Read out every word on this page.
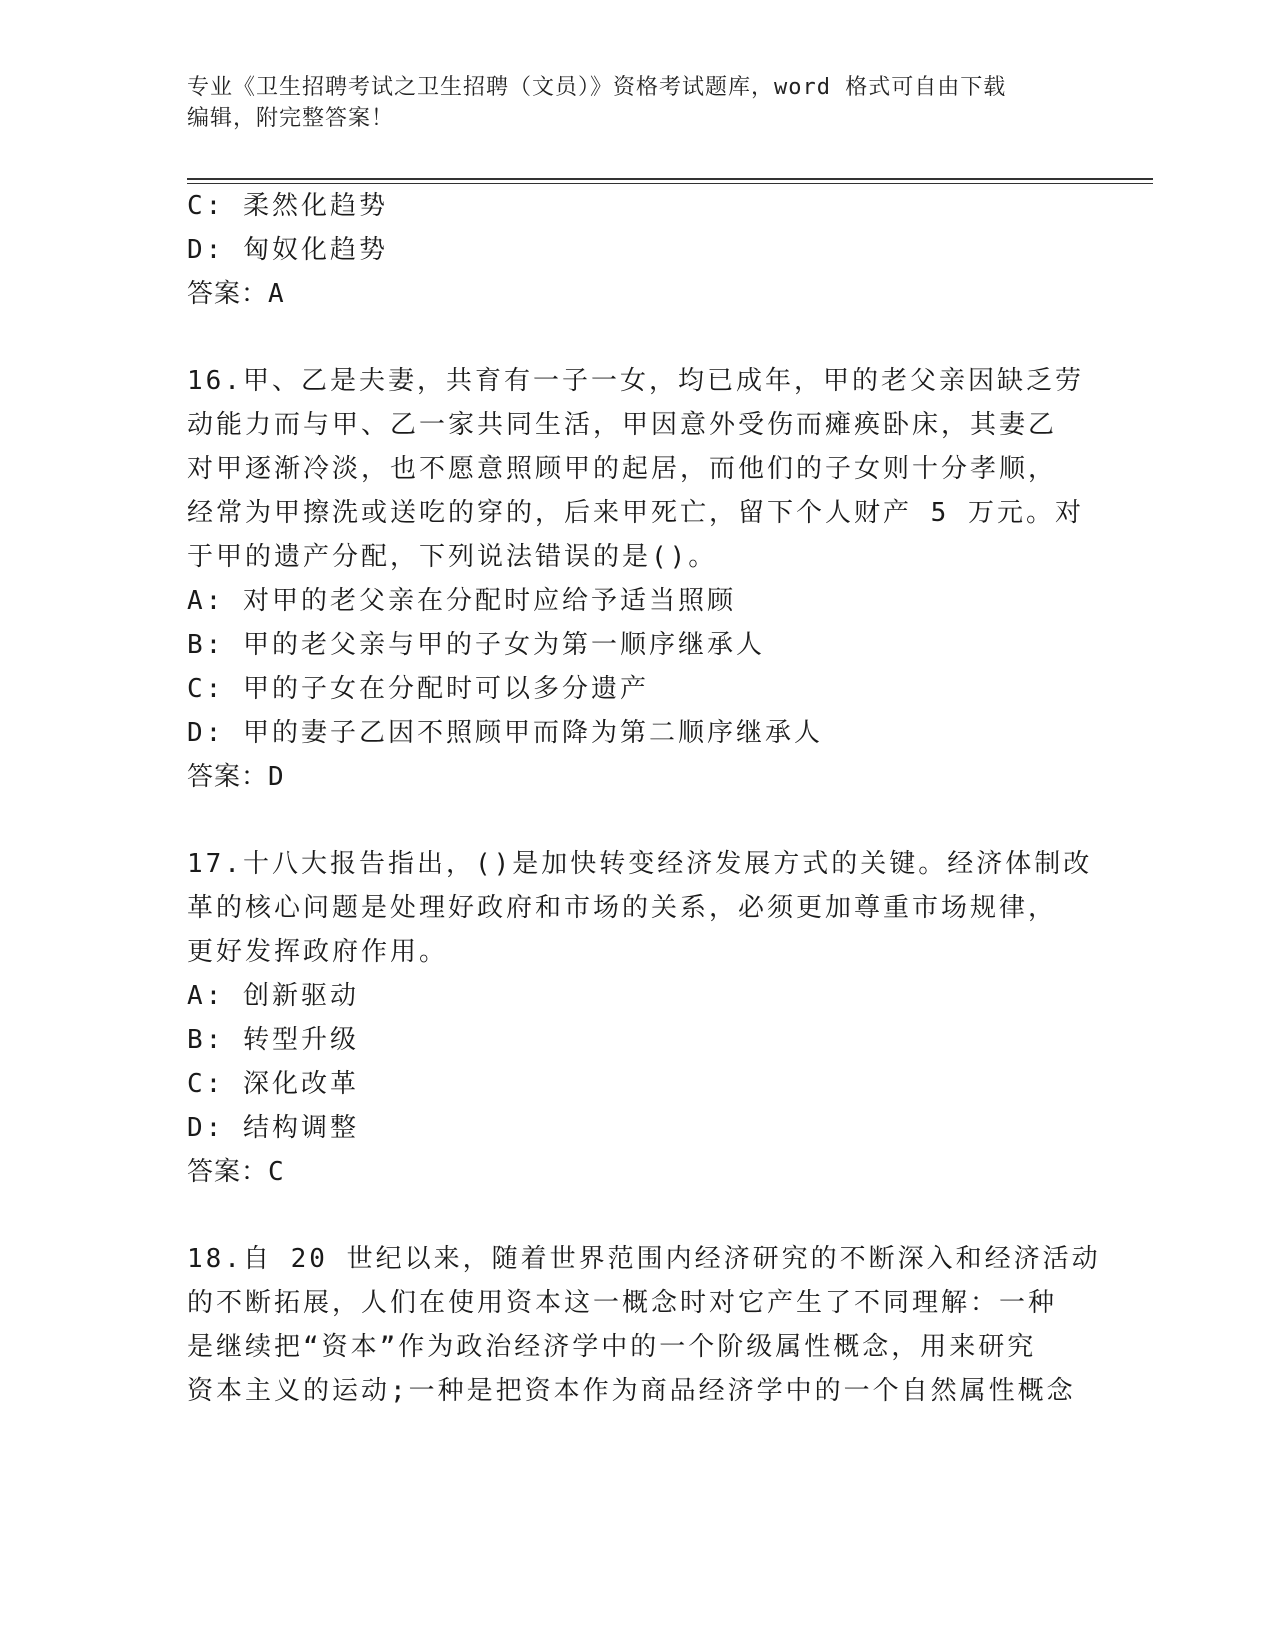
专业《卫生招聘考试之卫生招聘（文员）》资格考试题库，word 格式可自由下载
编辑，附完整答案！
C: 柔然化趋势
D: 匈奴化趋势
答案：A
16.甲、乙是夫妻，共育有一子一女，均已成年，甲的老父亲因缺乏劳
动能力而与甲、乙一家共同生活，甲因意外受伤而瘫痪卧床，其妻乙
对甲逐渐冷淡，也不愿意照顾甲的起居，而他们的子女则十分孝顺，
经常为甲擦洗或送吃的穿的，后来甲死亡，留下个人财产 5 万元。对
于甲的遗产分配，下列说法错误的是()。
A: 对甲的老父亲在分配时应给予适当照顾
B: 甲的老父亲与甲的子女为第一顺序继承人
C: 甲的子女在分配时可以多分遗产
D: 甲的妻子乙因不照顾甲而降为第二顺序继承人
答案：D
17.十八大报告指出，()是加快转变经济发展方式的关键。经济体制改
革的核心问题是处理好政府和市场的关系，必须更加尊重市场规律，
更好发挥政府作用。
A: 创新驱动
B: 转型升级
C: 深化改革
D: 结构调整
答案：C
18.自 20 世纪以来，随着世界范围内经济研究的不断深入和经济活动
的不断拓展，人们在使用资本这一概念时对它产生了不同理解：一种
是继续把“资本”作为政治经济学中的一个阶级属性概念，用来研究
资本主义的运动;一种是把资本作为商品经济学中的一个自然属性概念
